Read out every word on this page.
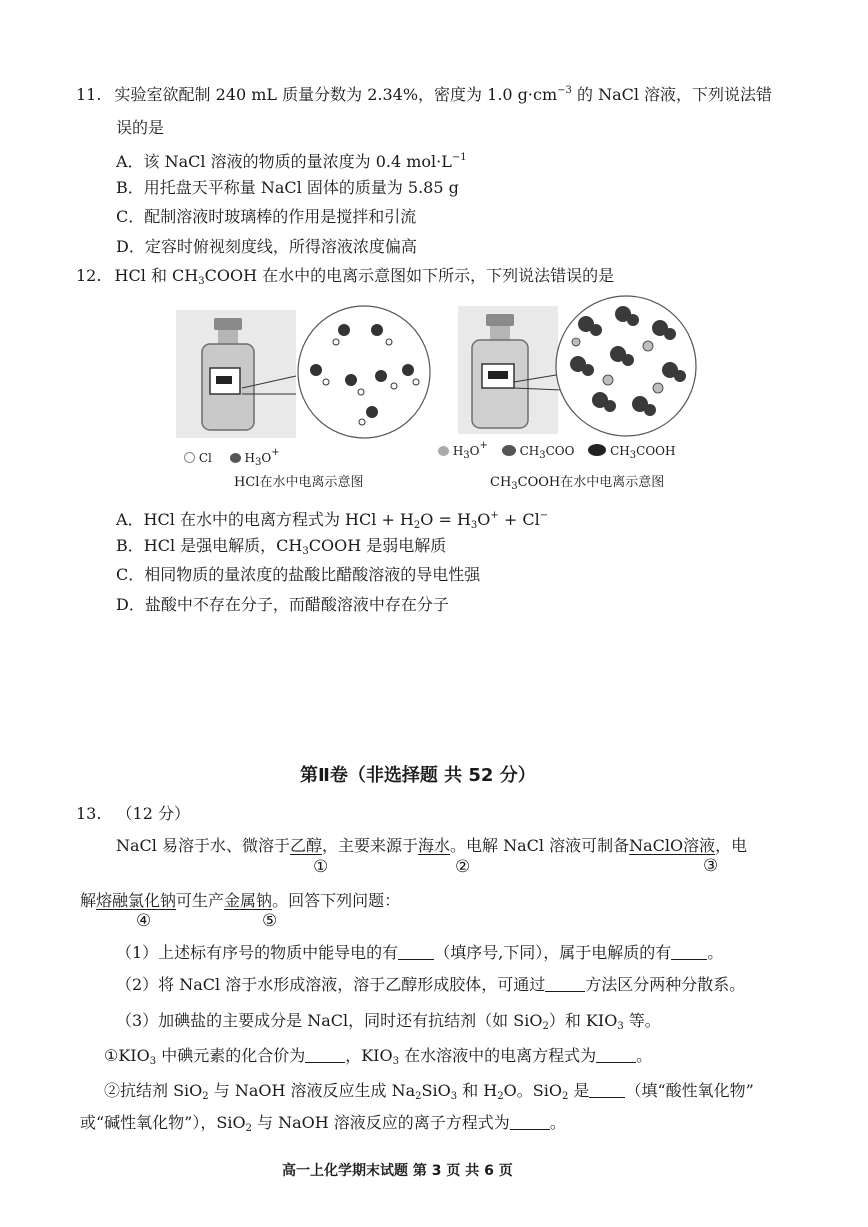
11. 实验室欲配制 240 mL 质量分数为 2.34%，密度为 1.0 $g\cdot cm^{-3}$ 的 NaCl 溶液，下列说法错
误的是
A．该 NaCl 溶液的物质的量浓度为 0.4 $mol\cdot L^{-1}$
B．用托盘天平称量 NaCl 固体的质量为 5.85 g
C．配制溶液时玻璃棒的作用是搅拌和引流
D．定容时俯视刻度线，所得溶液浓度偏高
12. HCl 和 $CH_3COOH$ 在水中的电离示意图如下所示，下列说法错误的是
Cl	$H_3O^+$
HCl在水中电离示意图
$H_3O^+$	$CH_3COO$	$CH_3COOH$
$CH_3COOH$在水中电离示意图
A．HCl 在水中的电离方程式为 HCl + $H_2O = H_3O^+ + Cl^-$
B．HCl 是强电解质，$CH_3COOH$ 是弱电解质
C．相同物质的量浓度的盐酸比醋酸溶液的导电性强
D．盐酸中不存在分子，而醋酸溶液中存在分子
第Ⅱ卷（非选择题 共 52 分）
13. （12 分）
NaCl 易溶于水、微溶于乙醇，主要来源于海水。电解 NaCl 溶液可制备NaClO溶液，电
①	②	③
解熔融氯化钠可生产金属钠。回答下列问题：
④	⑤
（1）上述标有序号的物质中能导电的有 （填序号,下同），属于电解质的有 。
（2）将 NaCl 溶于水形成溶液，溶于乙醇形成胶体，可通过	方法区分两种分散系。
（3）加碘盐的主要成分是 NaCl，同时还有抗结剂（如 SiO$_2$）和 $KIO_3$ 等。
$①KIO_3$ 中碘元素的化合价为	，$KIO_3$ 在水溶液中的电离方程式为	。
②抗结剂 SiO$_2$ 与 NaOH 溶液反应生成 $Na_2SiO_3$ 和 $H_2O$。SiO$_2$ 是 （填“酸性氧化物”
或“碱性氧化物”），SiO$_2$ 与 NaOH 溶液反应的离子方程式为	。
高一上化学期末试题 第 3 页 共 6 页
